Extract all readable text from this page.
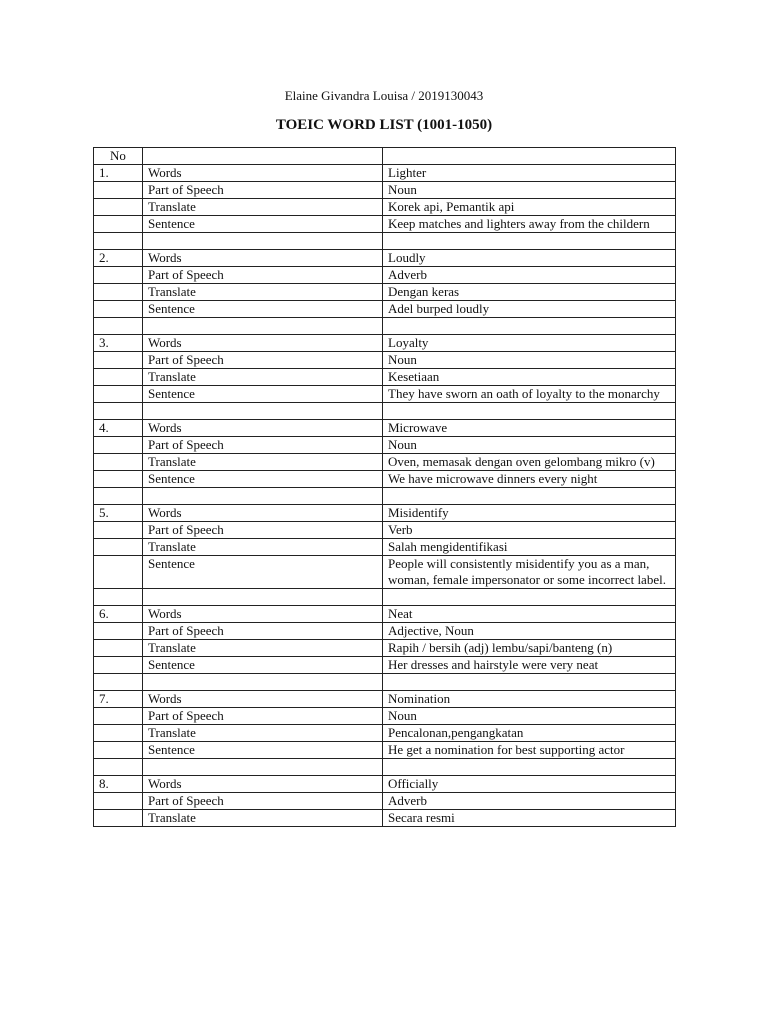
Elaine Givandra Louisa / 2019130043
TOEIC WORD LIST (1001-1050)
No		
1.	Words	Lighter
	Part of Speech	Noun
	Translate	Korek api, Pemantik api
	Sentence	Keep matches and lighters away from the childern

2.	Words	Loudly
	Part of Speech	Adverb
	Translate	Dengan keras
	Sentence	Adel burped loudly

3.	Words	Loyalty
	Part of Speech	Noun
	Translate	Kesetiaan
	Sentence	They have sworn an oath of loyalty to the monarchy

4.	Words	Microwave
	Part of Speech	Noun
	Translate	Oven, memasak dengan oven gelombang mikro (v)
	Sentence	We have microwave dinners every night

5.	Words	Misidentify
	Part of Speech	Verb
	Translate	Salah mengidentifikasi
	Sentence	People will consistently misidentify you as a man, woman, female impersonator or some incorrect label.

6.	Words	Neat
	Part of Speech	Adjective, Noun
	Translate	Rapih / bersih (adj) lembu/sapi/banteng (n)
	Sentence	Her dresses and hairstyle were very neat

7.	Words	Nomination
	Part of Speech	Noun
	Translate	Pencalonan,pengangkatan
	Sentence	He get a nomination for best supporting actor

8.	Words	Officially
	Part of Speech	Adverb
	Translate	Secara resmi
